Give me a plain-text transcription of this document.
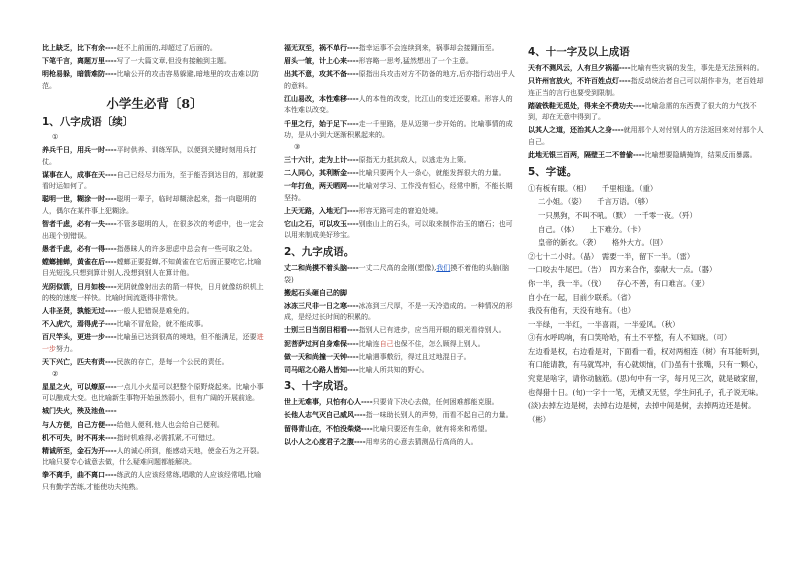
比上缺乏，比下有余----赶不上前面的,却超过了后面的。
下笔千言，离题万里----写了一大篇文章,但没有接触到主题。
明枪易躲，暗箭难防----比喻公开的攻击容易躲避,暗地里的攻击难以防范。
小学生必背〔8〕
1、八字成语〔续〕
①
养兵千日，用兵一时----平时供养、训练军队，以便到关键时刻用兵打仗。
谋事在人，成事在天----自己已经尽力而为，至于能否到达目的，那就要看时运如何了。
聪明一世，糊涂一时----聪明一辈子，临时却糊涂起来，指一向聪明的人，偶尔在某件事上犯糊涂。
智者千虑，必有一失----不管多聪明的人，在很多次的考虑中，也一定会出现个别错误。
愚者千虑，必有一得----指愚昧人的许多思虑中总会有一些可取之处。
螳螂捕蝉，黄雀在后----螳螂正要捉蝉,不知黄雀在它后面正要吃它,比喻目光短浅,只想到算计别人,没想到别人在算计他。
光阴似箭，日月如梭----光阴就像射出去的箭一样快，日月就像纺织机上的梭的速度一样快。比喻时间流逝得非常快。
人非圣贤，孰能无过----一般人犯错误是难免的。
不入虎穴，焉得虎子----比喻不冒危险，就不能成事。
百尺竿头，更进一步----比喻虽已达到很高的境地，但不能满足，还要进一步努力。
天下兴亡，匹夫有责----民族的存亡，是每一个公民的责任。
②
星星之火，可以燎原----一点儿小火星可以把整个原野烧起来。比喻小事可以酿成大变。也比喻新生事物开始虽然弱小，但有广阔的开展前途。
城门失火，殃及池鱼----
与人方便，自己方便----给他人便利,他人也会给自己便利。
机不可失，时不再来----指时机难得,必需抓紧,不可错过。
精诚所至，金石为开----人的诚心所到，能感动天地，使金石为之开裂。比喻只要专心诚意去做，什么疑难问题都能解决。
拳不离手，曲不离口----练武的人应该经常练,唱歌的人应该经常唱,比喻只有勤学苦练,才能使功夫纯熟。
福无双至，祸不单行----指幸运事不会连续到来，祸事却会接踵而至。
眉头一皱，计上心来----形容略一思考,猛然想出了一个主意。
出其不意，攻其不备----原指出兵攻击对方不防备的地方,后亦指行动出乎人的意料。
江山易改，本性难移----人的本性的改变，比江山的变迁还要难。形容人的本性难以改变。
千里之行，始于足下----走一千里路，是从迈第一步开始的。比喻事情的成功，是从小到大逐渐积累起来的。
③
三十六计，走为上计----原指无力抵抗敌人，以逃走为上策。
二人同心，其利断金----比喻只要两个人一条心，就能发挥很大的力量。
一年打鱼，两天晒网----比喻对学习、工作没有恒心，经常中断，不能长期坚持。
上天无路，入地无门----形容无路可走的窘迫处境。
它山之石，可以攻玉----别座山上的石头，可以取来制作治玉的磨石；也可以用来制成美好珍宝。
2、九字成语。
丈二和尚摸不着头脑----一丈二尺高的金刚(塑像),我们摸不着他的头脑(脑袋)
搬起石头砸自己的脚
冰冻三尺非一日之寒----冰冻到三尺厚，不是一天冷造成的。一种情况的形成，是经过长时间的积累的。
士别三日当刮目相看----指别人已有进步，应当用开眼的眼光看待别人。
泥菩萨过河自身难保----比喻连自己也保不住，怎么顾得上别人。
做一天和尚撞一天钟----比喻遇事敷衍，得过且过地混日子。
司马昭之心路人皆知----比喻人所共知的野心。
3、十字成语。
世上无难事，只怕有心人----只要肯下决心去做，任何困难都能克服。
长他人志气灭自己威风----指一味助长别人的声势，而看不起自己的力量。
留得青山在，不怕没柴烧----比喻只要还有生命，就有将来和希望。
以小人之心度君子之腹----用卑劣的心意去猜测品行高尚的人。
4、十一字及以上成语
天有不测风云，人有旦夕祸福----比喻有些灾祸的发生，事先是无法预料的。
只许州官放火，不许百姓点灯----指反动统治者自己可以胡作非为，老百姓却连正当的言行也要受到限制。
踏破铁鞋无觅处，得来全不费功夫----比喻急需的东西费了很大的力气找不到，却在无意中得到了。
以其人之道，还治其人之身----就用那个人对付别人的方法返回来对付那个人自己。
此地无银三百两，隔壁王二不曾偷----比喻想要隐瞒掩饰，结果反而暴露。
5、字谜。
①有板有眼。（相）　　千里相逢。（重）
二小姐。（姿）　　千言万语。（够）
一只黑狗，不叫不吼。（默）　一千零一夜。（歼）
自己。（体）　　上下难分。（卡）
皇帝的新衣。（袭）　　格外大方。（回）
②七十二小时。（晶）　需要一半，留下一半。（雷）
一口咬去牛尾巴。（告）　四方来合作，泰献大一点。（器）
你一半，我一半。（伐）　　存心不善，有口难言。（亚）
自小在一起，目前少联系。（省）
我没有他有，天没有地有。（也）
一半绿，一半红，一半喜雨，一半爱风。（秋）
③有水呼呜响，有口笑哈哈，有土不平整，有人不知晓。（可）
左边看是权，右边看是对，下面看一看，权对两相连（树）有耳能听到，有口能请教，有马就骂冲，有心就烦恼，(门)虽有十张嘴，只有一颗心，究竟是啥字，请你动脑筋。(思)句中有一字，每月见三次，就是破家留，也得猎十日。(旬)一字十一笔，无横又无竖，学生问孔子，孔子说无味。(淡)去掉左边是树，去掉右边是树，去掉中间是树，去掉两边还是树。（彬）
